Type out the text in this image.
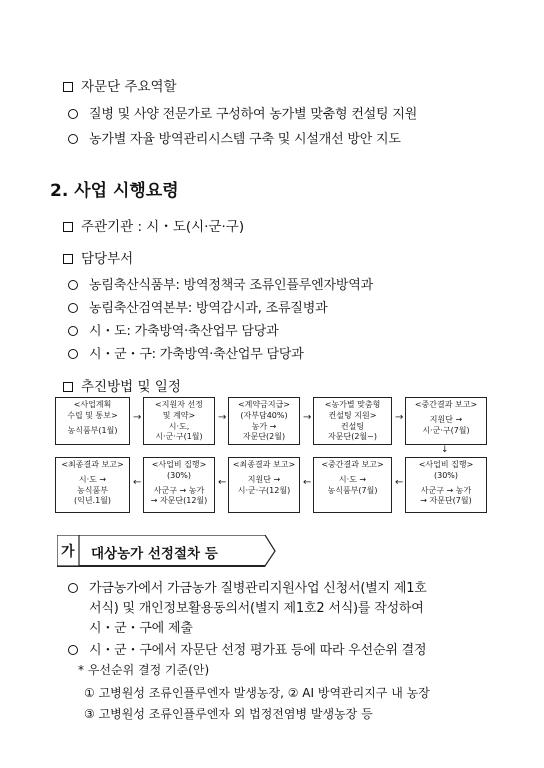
자문단 주요역할
질병 및 사양 전문가로 구성하여 농가별 맞춤형 컨설팅 지원
농가별 자율 방역관리시스템 구축 및 시설개선 방안 지도
2. 사업 시행요령
주관기관 : 시・도(시·군·구)
담당부서
농림축산식품부: 방역정책국 조류인플루엔자방역과
농림축산검역본부: 방역감시과, 조류질병과
시・도: 가축방역·축산업무 담당과
시・군・구: 가축방역·축산업무 담당과
추진방법 및 일정
<사업계획
수립 및 통보>
농식품부(1월)
→
<지원자 선정
및 계약>
시·도,
시·군·구(1월)
→
<계약금지급>
(자부담40%)
농가 →
자문단(2월)
→
<농가별 맞춤형
컨설팅 지원>
컨설팅
자문단(2월~)
→
<중간결과 보고>
지원단 →
시·군·구(7월)
↓
<최종결과 보고>
시·도 →
농식품부
(익년.1월)
←
<사업비 집행>
(30%)
사군구 → 농가
→ 자문단(12월)
←
<최종결과 보고>
지원단 →
시·군·구(12월)
←
<중간결과 보고>
시·도 →
농식품부(7월)
←
<사업비 집행>
(30%)
사군구 → 농가
→ 자문단(7월)
가 대상농가 선정절차 등
가금농가에서 가금농가 질병관리지원사업 신청서(별지 제1호
서식) 및 개인정보활용동의서(별지 제1호2 서식)를 작성하여
시・군・구에 제출
시・군・구에서 자문단 선정 평가표 등에 따라 우선순위 결정
* 우선순위 결정 기준(안)
① 고병원성 조류인플루엔자 발생농장, ② AI 방역관리지구 내 농장
③ 고병원성 조류인플루엔자 외 법정전염병 발생농장 등
